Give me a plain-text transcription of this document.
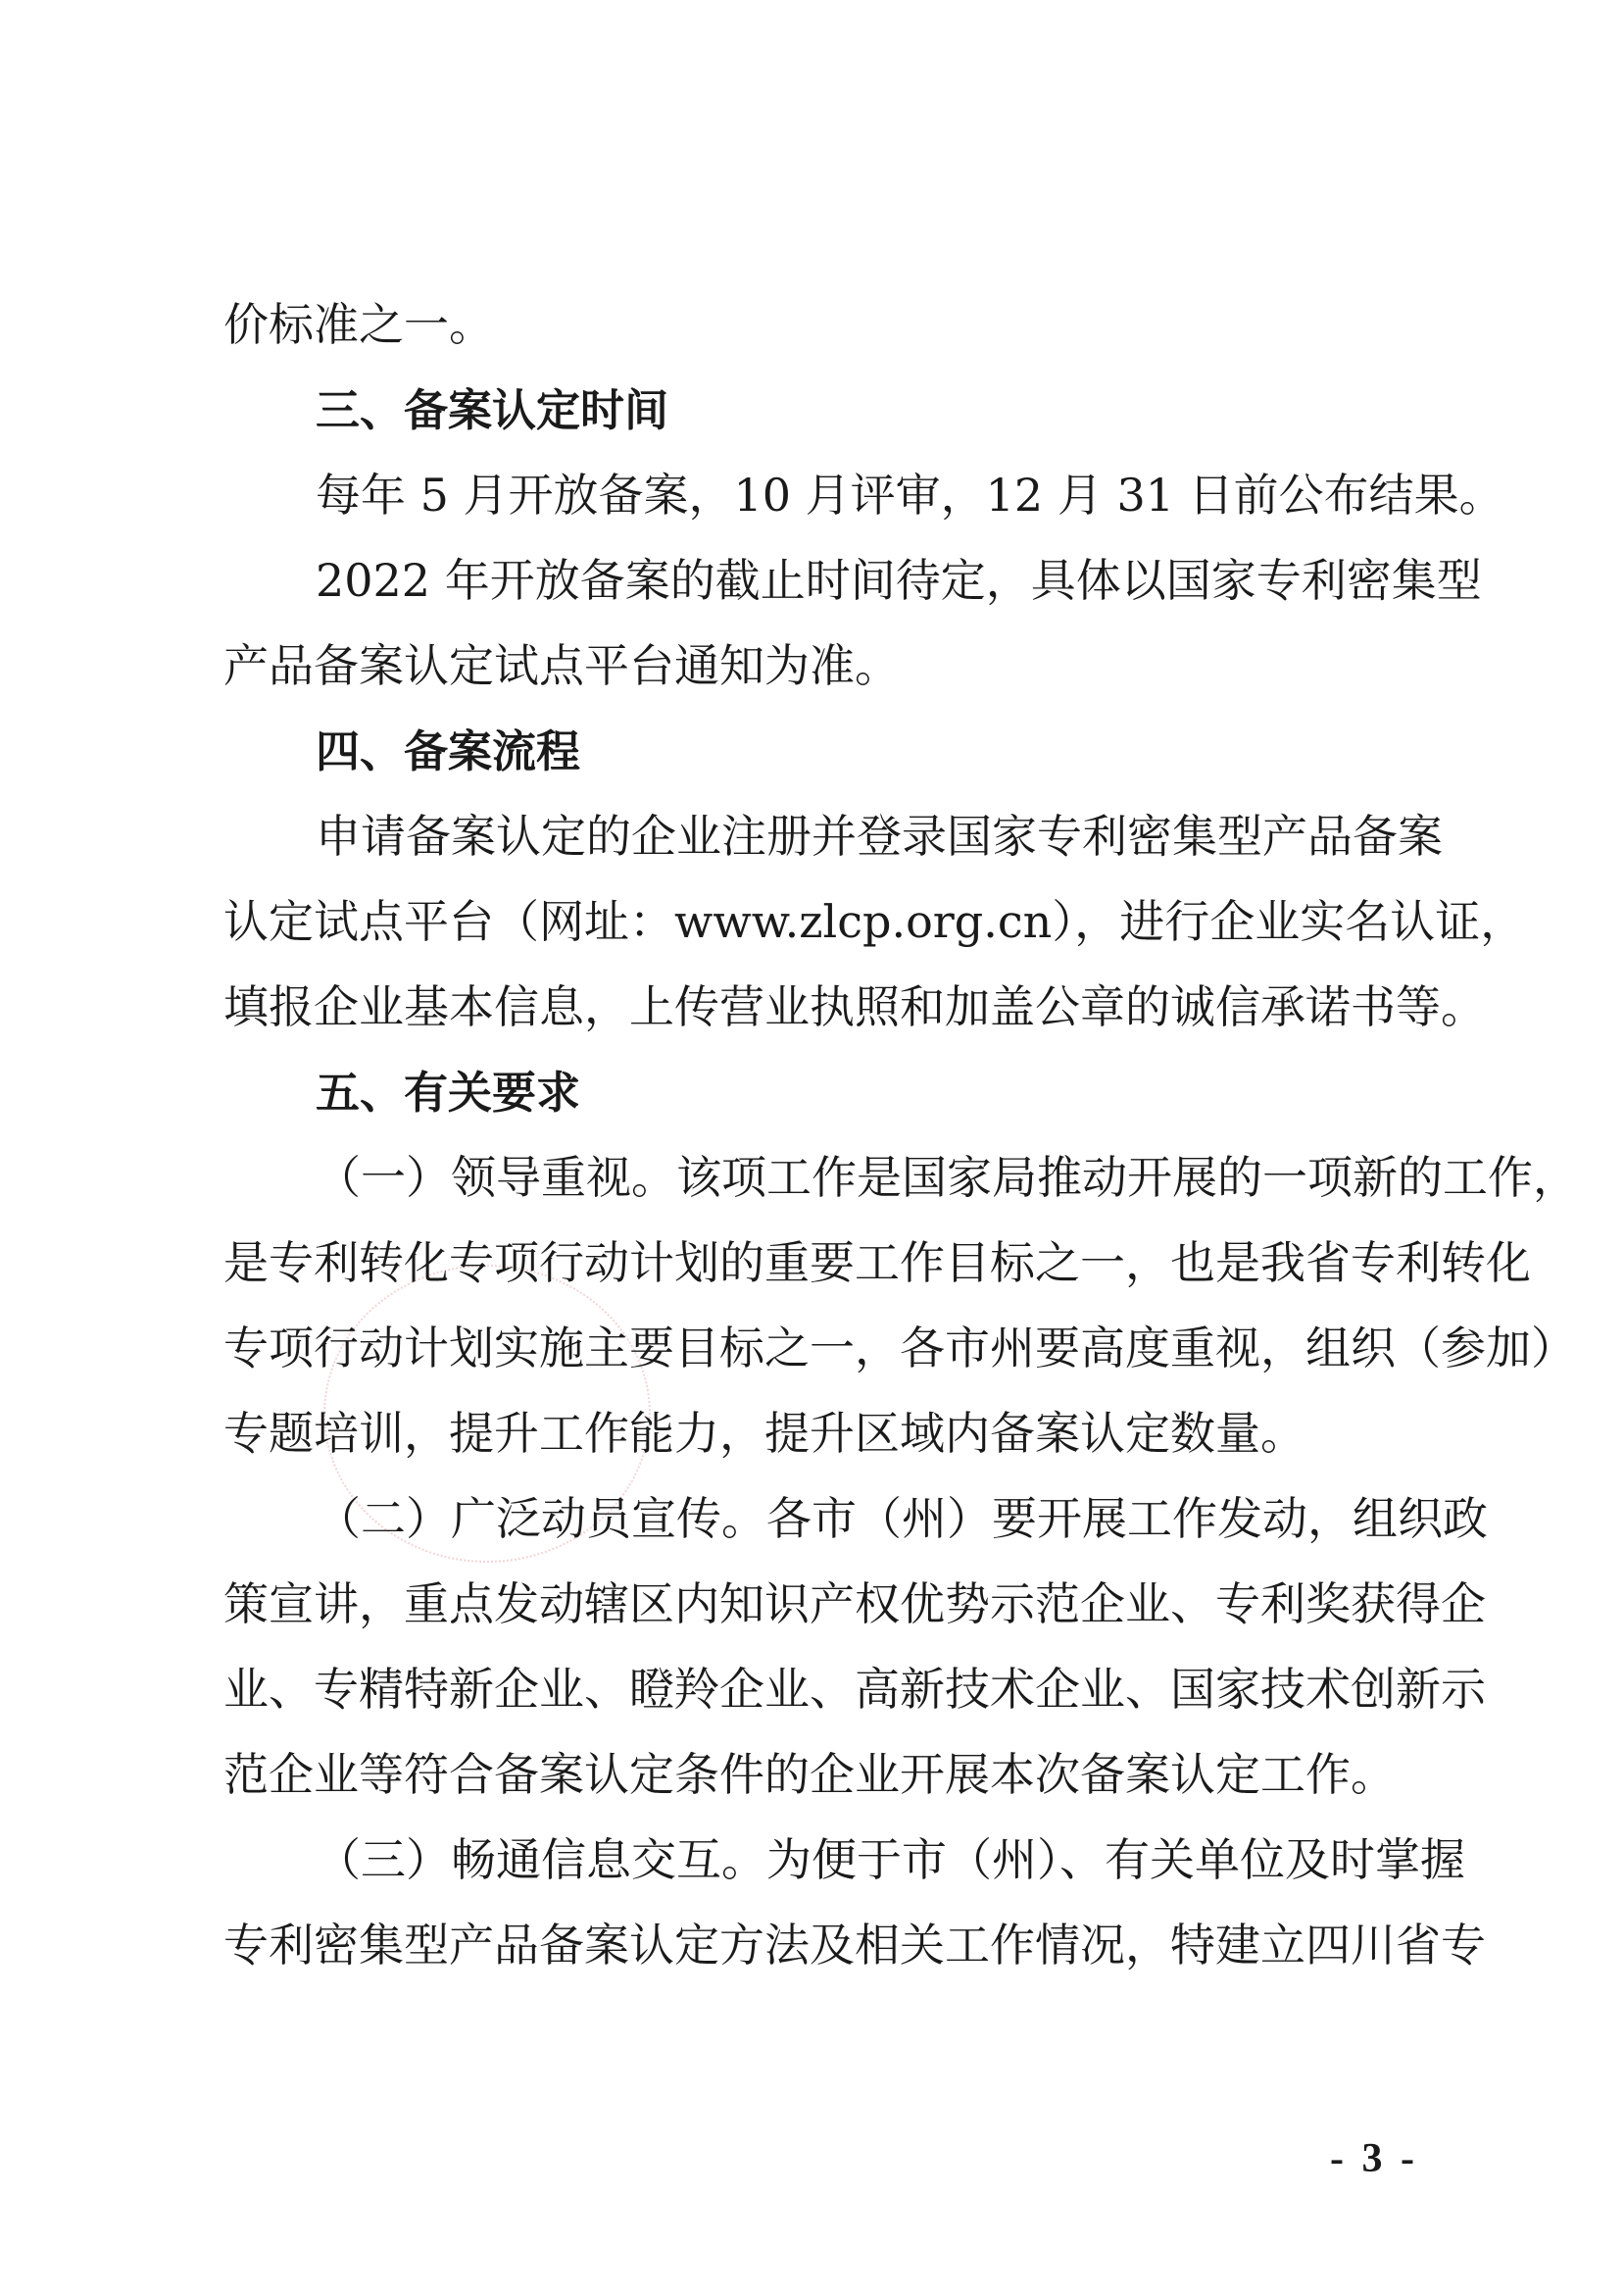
价标准之一。
三、备案认定时间
每年 5 月开放备案，10 月评审，12 月 31 日前公布结果。
2022 年开放备案的截止时间待定，具体以国家专利密集型
产品备案认定试点平台通知为准。
四、备案流程
申请备案认定的企业注册并登录国家专利密集型产品备案
认定试点平台（网址：www.zlcp.org.cn），进行企业实名认证，
填报企业基本信息，上传营业执照和加盖公章的诚信承诺书等。
五、有关要求
（一）领导重视。该项工作是国家局推动开展的一项新的工作，
是专利转化专项行动计划的重要工作目标之一，也是我省专利转化
专项行动计划实施主要目标之一，各市州要高度重视，组织（参加）
专题培训，提升工作能力，提升区域内备案认定数量。
（二）广泛动员宣传。各市（州）要开展工作发动，组织政
策宣讲，重点发动辖区内知识产权优势示范企业、专利奖获得企
业、专精特新企业、瞪羚企业、高新技术企业、国家技术创新示
范企业等符合备案认定条件的企业开展本次备案认定工作。
（三）畅通信息交互。为便于市（州）、有关单位及时掌握
专利密集型产品备案认定方法及相关工作情况，特建立四川省专
- 3 -
